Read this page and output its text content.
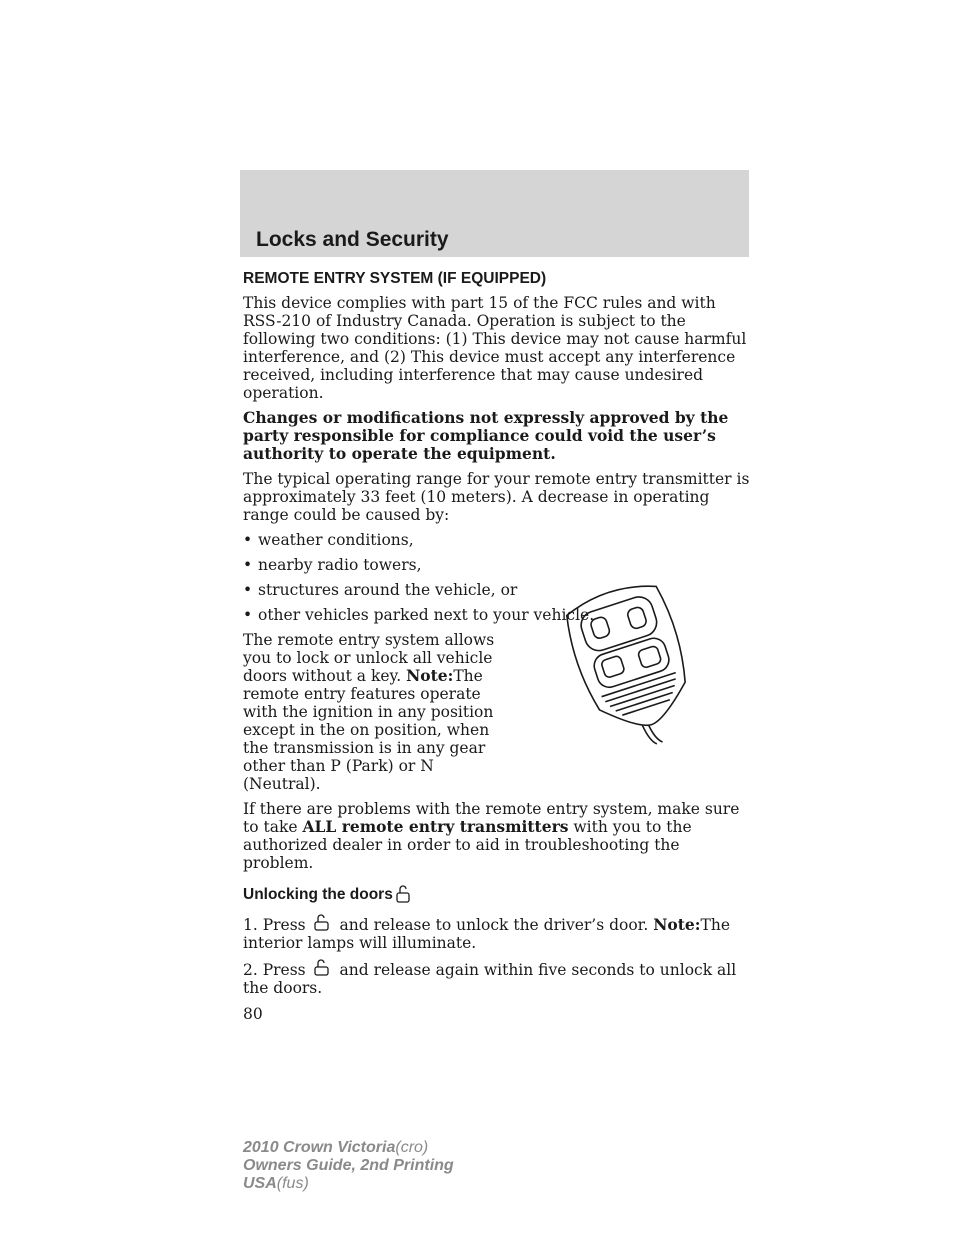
Locks and Security
REMOTE ENTRY SYSTEM (IF EQUIPPED)

This device complies with part 15 of the FCC rules and with RSS-210 of Industry Canada. Operation is subject to the following two conditions: (1) This device may not cause harmful interference, and (2) This device must accept any interference received, including interference that may cause undesired operation.

Changes or modifications not expressly approved by the party responsible for compliance could void the user’s authority to operate the equipment.

The typical operating range for your remote entry transmitter is approximately 33 feet (10 meters). A decrease in operating range could be caused by:

• weather conditions,
• nearby radio towers,
• structures around the vehicle, or
• other vehicles parked next to your vehicle.

The remote entry system allows you to lock or unlock all vehicle doors without a key. Note:The remote entry features operate with the ignition in any position except in the on position, when the transmission is in any gear other than P (Park) or N (Neutral).

If there are problems with the remote entry system, make sure to take ALL remote entry transmitters with you to the authorized dealer in order to aid in troubleshooting the problem.

Unlocking the doors

1. Press and release to unlock the driver’s door. Note:The interior lamps will illuminate.

2. Press and release again within five seconds to unlock all the doors.

80
2010 Crown Victoria(cro)
Owners Guide, 2nd Printing
USA(fus)
